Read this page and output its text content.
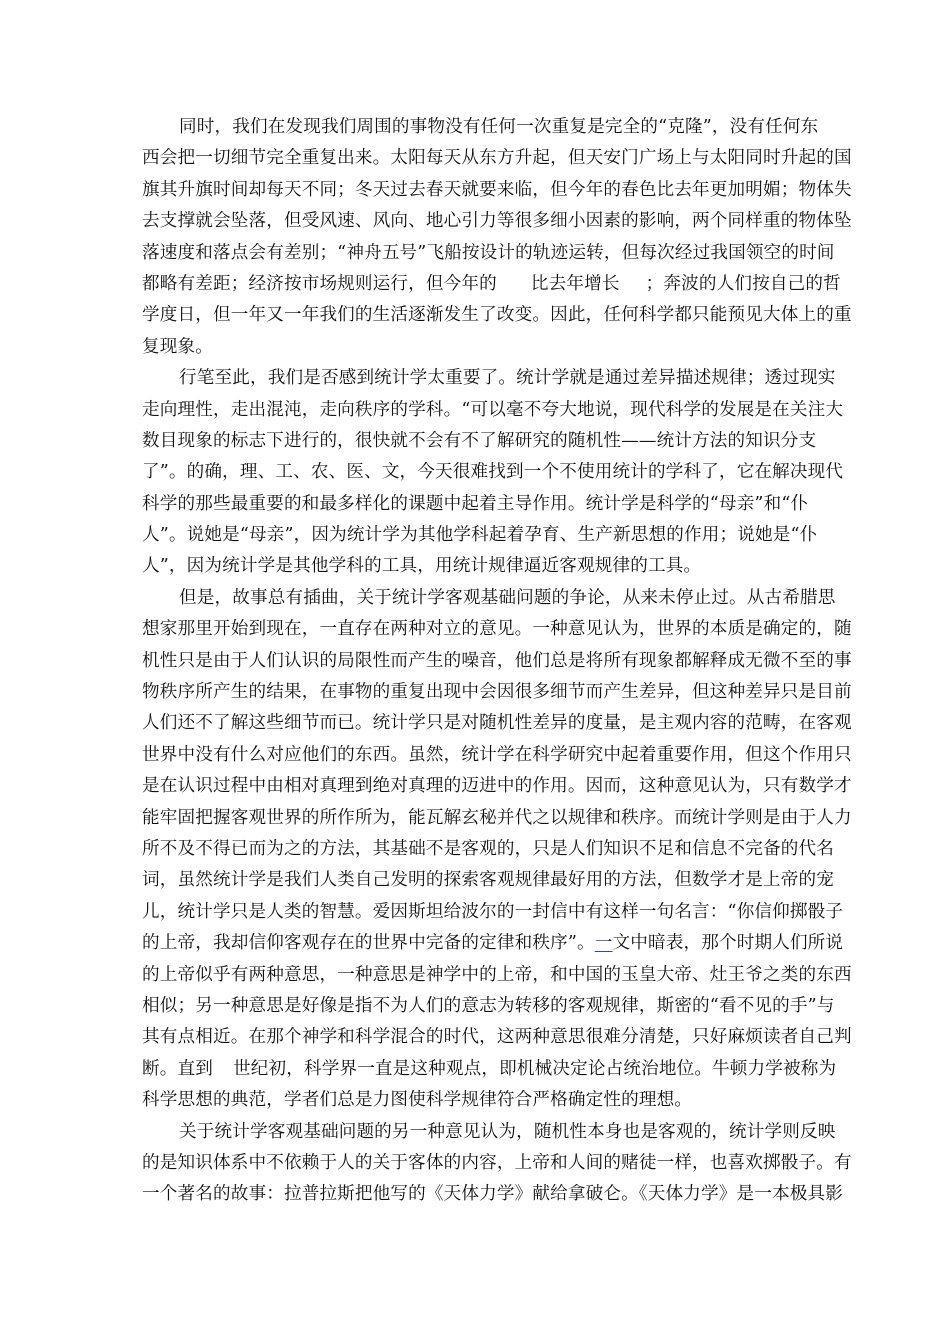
同时，我们在发现我们周围的事物没有任何一次重复是完全的“克隆”，没有任何东
西会把一切细节完全重复出来。太阳每天从东方升起，但天安门广场上与太阳同时升起的国
旗其升旗时间却每天不同；冬天过去春天就要来临，但今年的春色比去年更加明媚；物体失
去支撑就会坠落，但受风速、风向、地心引力等很多细小因素的影响，两个同样重的物体坠
落速度和落点会有差别；“神舟五号”飞船按设计的轨迹运转，但每次经过我国领空的时间
都略有差距；经济按市场规则运行，但今年的 比去年增长 ；奔波的人们按自己的哲
学度日，但一年又一年我们的生活逐渐发生了改变。因此，任何科学都只能预见大体上的重
复现象。
行笔至此，我们是否感到统计学太重要了。统计学就是通过差异描述规律；透过现实
走向理性，走出混沌，走向秩序的学科。“可以毫不夸大地说，现代科学的发展是在关注大
数目现象的标志下进行的，很快就不会有不了解研究的随机性——统计方法的知识分支
了”。的确，理、工、农、医、文，今天很难找到一个不使用统计的学科了，它在解决现代
科学的那些最重要的和最多样化的课题中起着主导作用。统计学是科学的“母亲”和“仆
人”。说她是“母亲”，因为统计学为其他学科起着孕育、生产新思想的作用；说她是“仆
人”，因为统计学是其他学科的工具，用统计规律逼近客观规律的工具。
但是，故事总有插曲，关于统计学客观基础问题的争论，从来未停止过。从古希腊思
想家那里开始到现在，一直存在两种对立的意见。一种意见认为，世界的本质是确定的，随
机性只是由于人们认识的局限性而产生的噪音，他们总是将所有现象都解释成无微不至的事
物秩序所产生的结果，在事物的重复出现中会因很多细节而产生差异，但这种差异只是目前
人们还不了解这些细节而已。统计学只是对随机性差异的度量，是主观内容的范畴，在客观
世界中没有什么对应他们的东西。虽然，统计学在科学研究中起着重要作用，但这个作用只
是在认识过程中由相对真理到绝对真理的迈进中的作用。因而，这种意见认为，只有数学才
能牢固把握客观世界的所作所为，能瓦解玄秘并代之以规律和秩序。而统计学则是由于人力
所不及不得已而为之的方法，其基础不是客观的，只是人们知识不足和信息不完备的代名
词，虽然统计学是我们人类自己发明的探索客观规律最好用的方法，但数学才是上帝的宠
儿，统计学只是人类的智慧。爱因斯坦给波尔的一封信中有这样一句名言：“你信仰掷骰子
的上帝，我却信仰客观存在的世界中完备的定律和秩序”。一文中暗表，那个时期人们所说
的上帝似乎有两种意思，一种意思是神学中的上帝，和中国的玉皇大帝、灶王爷之类的东西
相似；另一种意思是好像是指不为人们的意志为转移的客观规律，斯密的“看不见的手”与
其有点相近。在那个神学和科学混合的时代，这两种意思很难分清楚，只好麻烦读者自己判
断。直到 世纪初，科学界一直是这种观点，即机械决定论占统治地位。牛顿力学被称为
科学思想的典范，学者们总是力图使科学规律符合严格确定性的理想。
关于统计学客观基础问题的另一种意见认为，随机性本身也是客观的，统计学则反映
的是知识体系中不依赖于人的关于客体的内容，上帝和人间的赌徒一样，也喜欢掷骰子。有
一个著名的故事：拉普拉斯把他写的《天体力学》献给拿破仑。《天体力学》是一本极具影
